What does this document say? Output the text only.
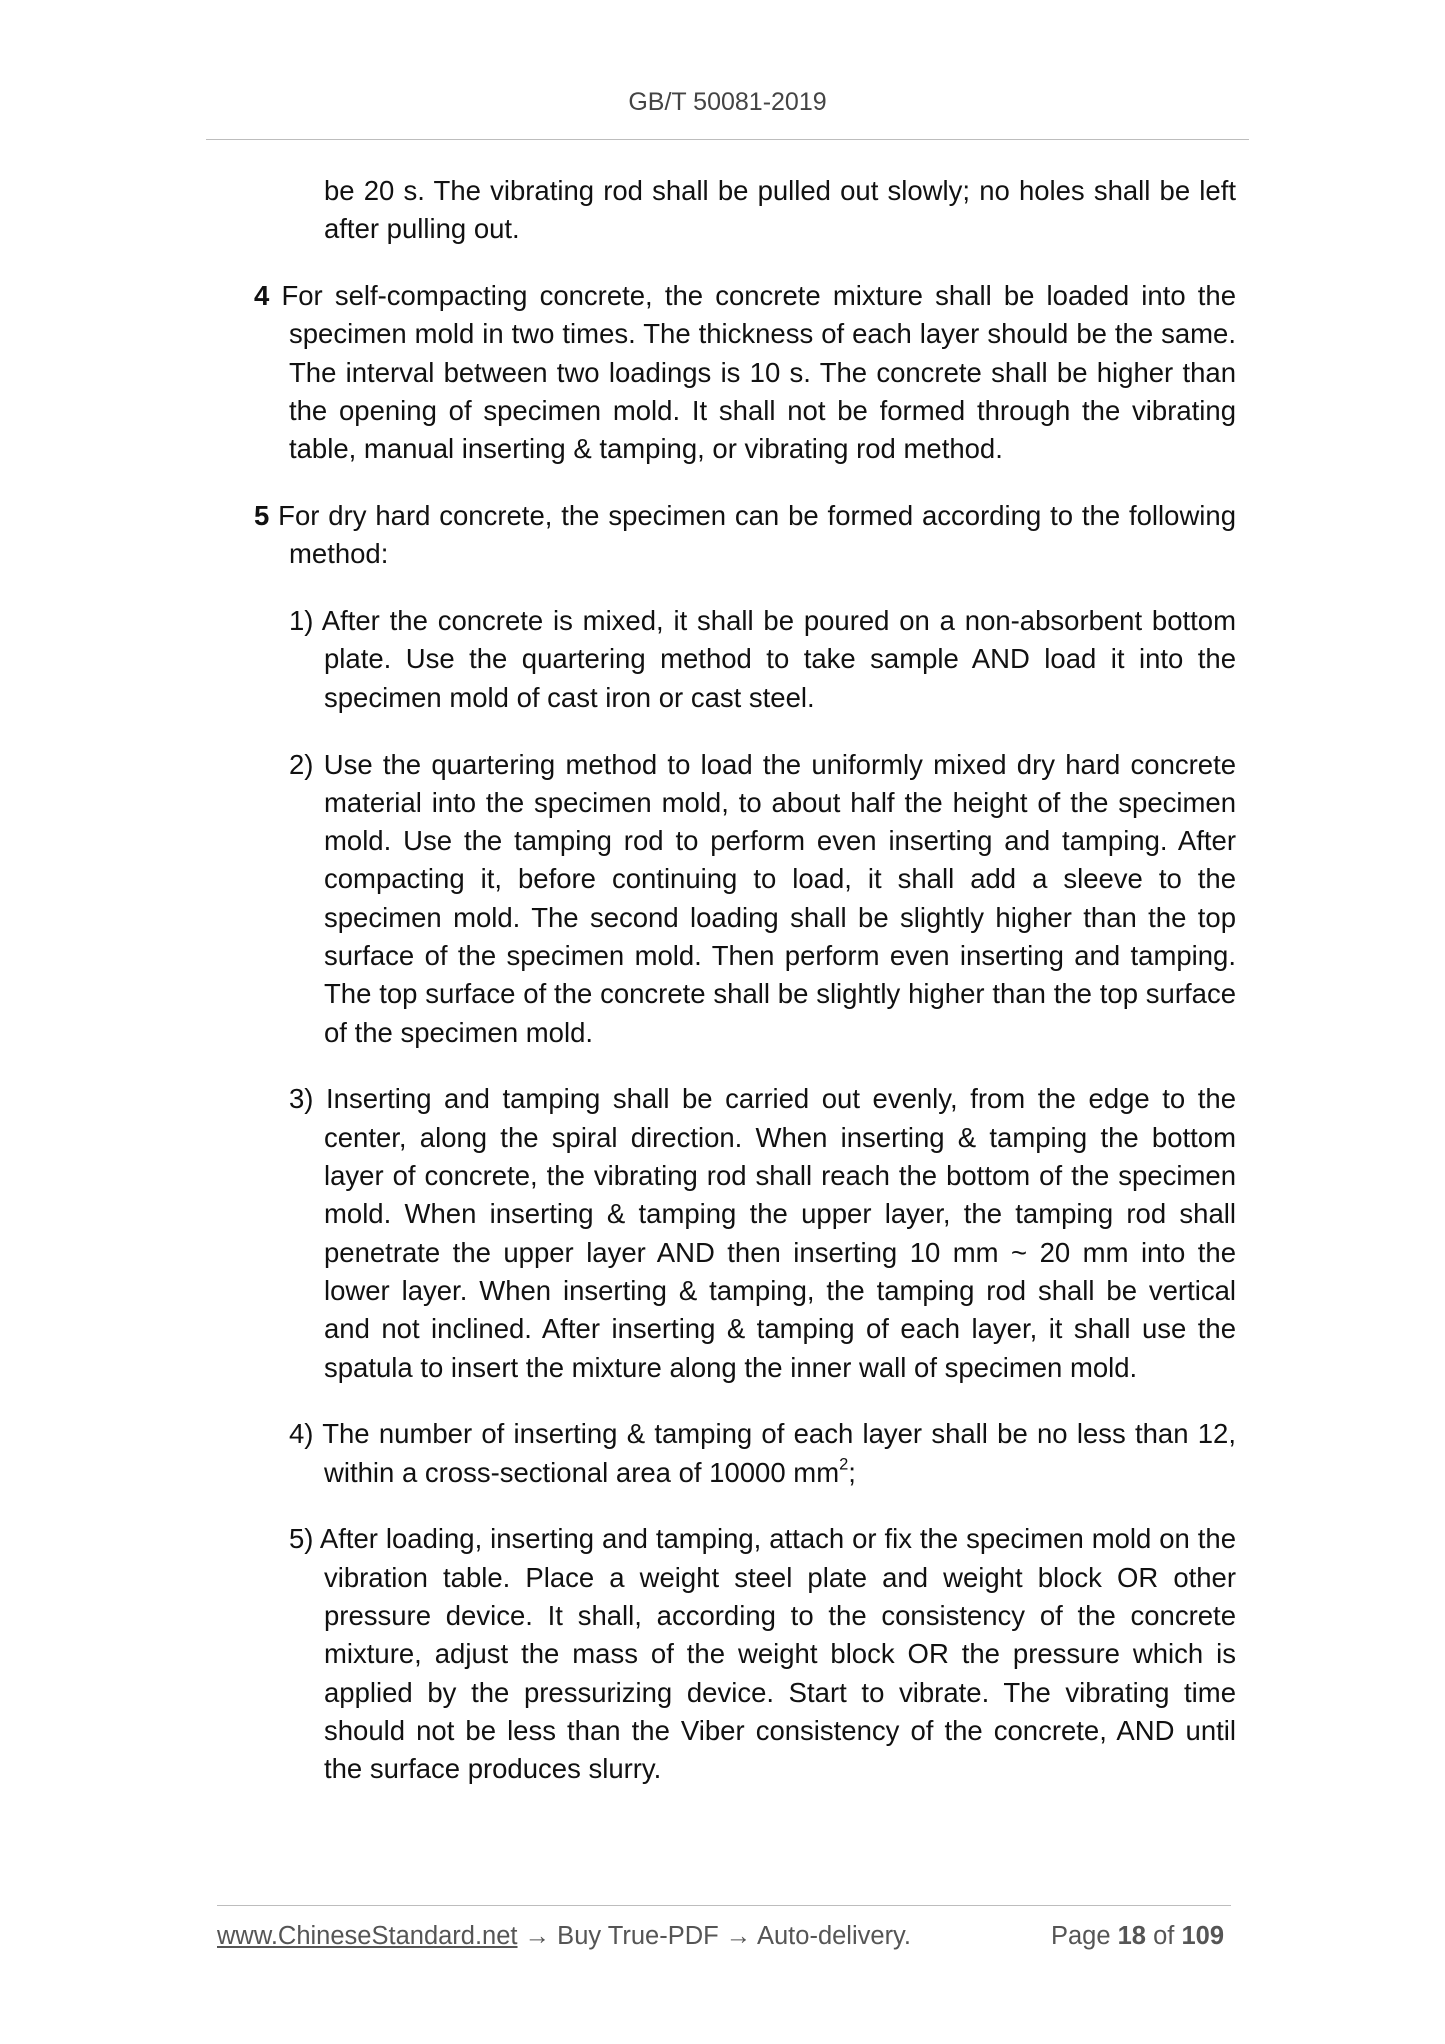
GB/T 50081-2019

be 20 s. The vibrating rod shall be pulled out slowly; no holes shall be left after pulling out.

4 For self-compacting concrete, the concrete mixture shall be loaded into the specimen mold in two times. The thickness of each layer should be the same. The interval between two loadings is 10 s. The concrete shall be higher than the opening of specimen mold. It shall not be formed through the vibrating table, manual inserting & tamping, or vibrating rod method.

5 For dry hard concrete, the specimen can be formed according to the following method:

1) After the concrete is mixed, it shall be poured on a non-absorbent bottom plate. Use the quartering method to take sample AND load it into the specimen mold of cast iron or cast steel.

2) Use the quartering method to load the uniformly mixed dry hard concrete material into the specimen mold, to about half the height of the specimen mold. Use the tamping rod to perform even inserting and tamping. After compacting it, before continuing to load, it shall add a sleeve to the specimen mold. The second loading shall be slightly higher than the top surface of the specimen mold. Then perform even inserting and tamping. The top surface of the concrete shall be slightly higher than the top surface of the specimen mold.

3) Inserting and tamping shall be carried out evenly, from the edge to the center, along the spiral direction. When inserting & tamping the bottom layer of concrete, the vibrating rod shall reach the bottom of the specimen mold. When inserting & tamping the upper layer, the tamping rod shall penetrate the upper layer AND then inserting 10 mm ~ 20 mm into the lower layer. When inserting & tamping, the tamping rod shall be vertical and not inclined. After inserting & tamping of each layer, it shall use the spatula to insert the mixture along the inner wall of specimen mold.

4) The number of inserting & tamping of each layer shall be no less than 12, within a cross-sectional area of 10000 $mm^2$;

5) After loading, inserting and tamping, attach or fix the specimen mold on the vibration table. Place a weight steel plate and weight block OR other pressure device. It shall, according to the consistency of the concrete mixture, adjust the mass of the weight block OR the pressure which is applied by the pressurizing device. Start to vibrate. The vibrating time should not be less than the Viber consistency of the concrete, AND until the surface produces slurry.

www.ChineseStandard.net → Buy True-PDF → Auto-delivery.	Page 18 of 109
